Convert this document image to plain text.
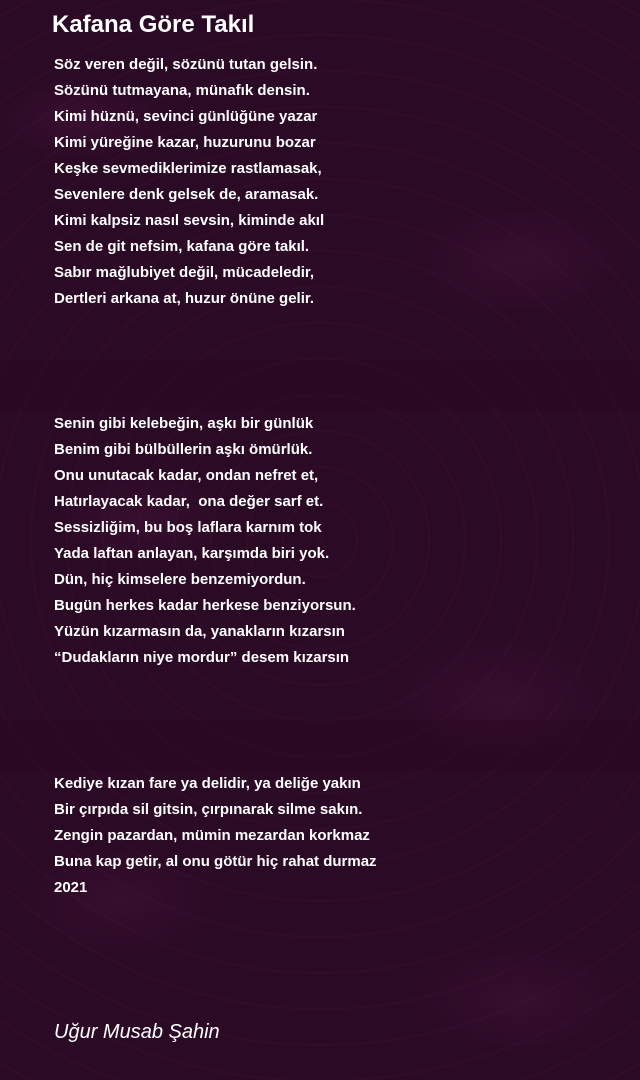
Kafana Göre Takıl
Söz veren değil, sözünü tutan gelsin.
Sözünü tutmayana, münafık densin.
Kimi hüznü, sevinci günlüğüne yazar
Kimi yüreğine kazar, huzurunu bozar
Keşke sevmediklerimize rastlamasak,
Sevenlere denk gelsek de, aramasak.
Kimi kalpsiz nasıl sevsin, kiminde akıl
Sen de git nefsim, kafana göre takıl.
Sabır mağlubiyet değil, mücadeledir,
Dertleri arkana at, huzur önüne gelir.
Senin gibi kelebeğin, aşkı bir günlük
Benim gibi bülbüllerin aşkı ömürlük.
Onu unutacak kadar, ondan nefret et,
Hatırlayacak kadar,  ona değer sarf et.
Sessizliğim, bu boş laflara karnım tok
Yada laftan anlayan, karşımda biri yok.
Dün, hiç kimselere benzemiyordun.
Bugün herkes kadar herkese benziyorsun.
Yüzün kızarmasın da, yanakların kızarsın
“Dudakların niye mordur” desem kızarsın
Kediye kızan fare ya delidir, ya deliğe yakın
Bir çırpıda sil gitsin, çırpınarak silme sakın.
Zengin pazardan, mümin mezardan korkmaz
Buna kap getir, al onu götür hiç rahat durmaz
2021
Uğur Musab Şahin
